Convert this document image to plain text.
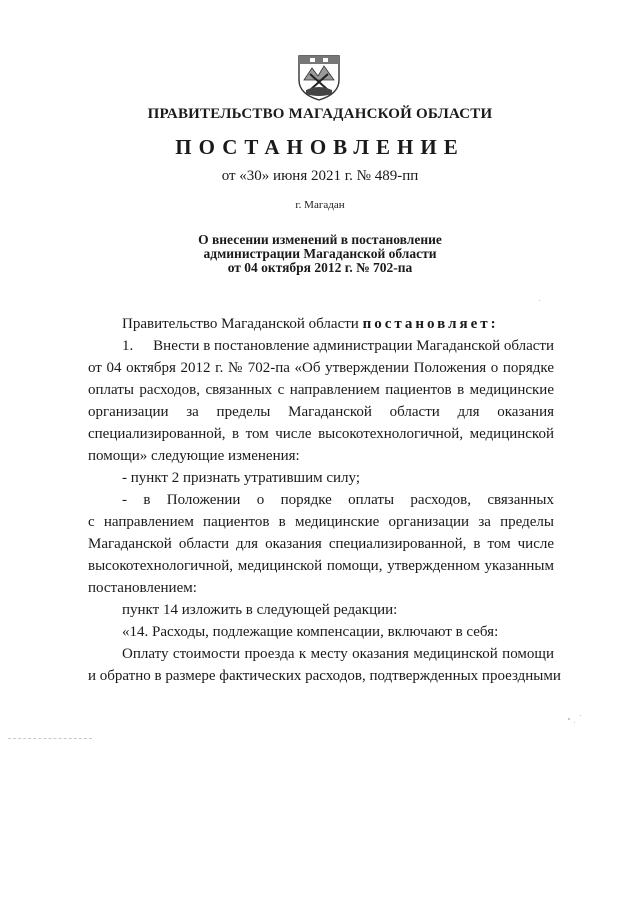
ПРАВИТЕЛЬСТВО МАГАДАНСКОЙ ОБЛАСТИ
ПОСТАНОВЛЕНИЕ
от «30» июня 2021 г. № 489-пп
г. Магадан
О внесении изменений в постановление
администрации Магаданской области
от 04 октября 2012 г. № 702-па
Правительство Магаданской области постановляет:
1.	Внести в постановление администрации Магаданской области
от 04 октября 2012 г. № 702-па «Об утверждении Положения о порядке
оплаты расходов, связанных с направлением пациентов в медицинские
организации за пределы Магаданской области для оказания
специализированной, в том числе высокотехнологичной, медицинской
помощи» следующие изменения:
- пункт 2 признать утратившим силу;
- в Положении о порядке оплаты расходов, связанных
с направлением пациентов в медицинские организации за пределы
Магаданской области для оказания специализированной, в том числе
высокотехнологичной, медицинской помощи, утвержденном указанным
постановлением:
пункт 14 изложить в следующей редакции:
«14. Расходы, подлежащие компенсации, включают в себя:
Оплату стоимости проезда к месту оказания медицинской помощи
и обратно в размере фактических расходов, подтвержденных проездными
